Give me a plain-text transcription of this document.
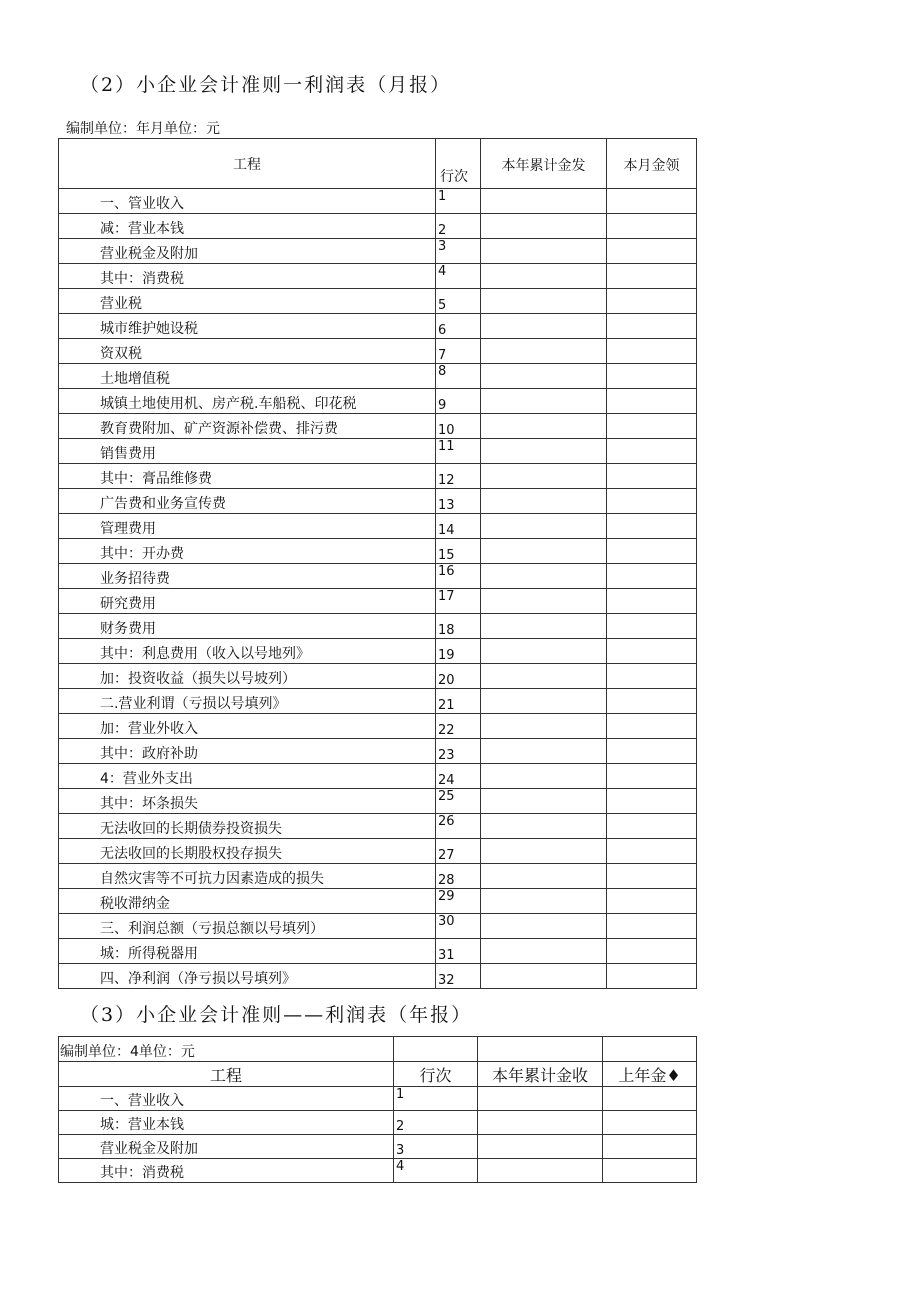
（2）小企业会计准则一利润表（月报）
编制单位：年月单位：元
工程	行次	本年累计金发	本月金领
一、管业收入	1		
减：营业本钱	2		
营业税金及附加	3		
其中：消费税	4		
营业税	5		
城市维护她设税	6		
资双税	7		
土地增值税	8		
城镇土地使用机、房产税.车船税、印花税	9		
教育费附加、矿产资源补偿费、排污费	10		
销售费用	11		
其中：膏品维修费	12		
广告费和业务宣传费	13		
管理费用	14		
其中：开办费	15		
业务招待费	16		
研究费用	17		
财务费用	18		
其中：利息费用（收入以号地列》	19		
加：投资收益（损失以号坡列）	20		
二.营业利谓（亏损以号填列》	21		
加：营业外收入	22		
其中：政府补助	23		
4：营业外支出	24		
其中：坏条损失	25		
无法收回的长期债券投资损失	26		
无法收回的长期股权投存损失	27		
自然灾害等不可抗力因素造成的损失	28		
税收滞纳金	29		
三、利润总额（亏损总额以号填列）	30		
城：所得税器用	31		
四、净利润（净亏损以号填列》	32		
（3）小企业会计准则——利润表（年报）
编制单位：4单位：元			
工程	行次	本年累计金收	上年金♦
一、营业收入	1		
城：营业本钱	2		
营业税金及附加	3		
其中：消费税	4		
